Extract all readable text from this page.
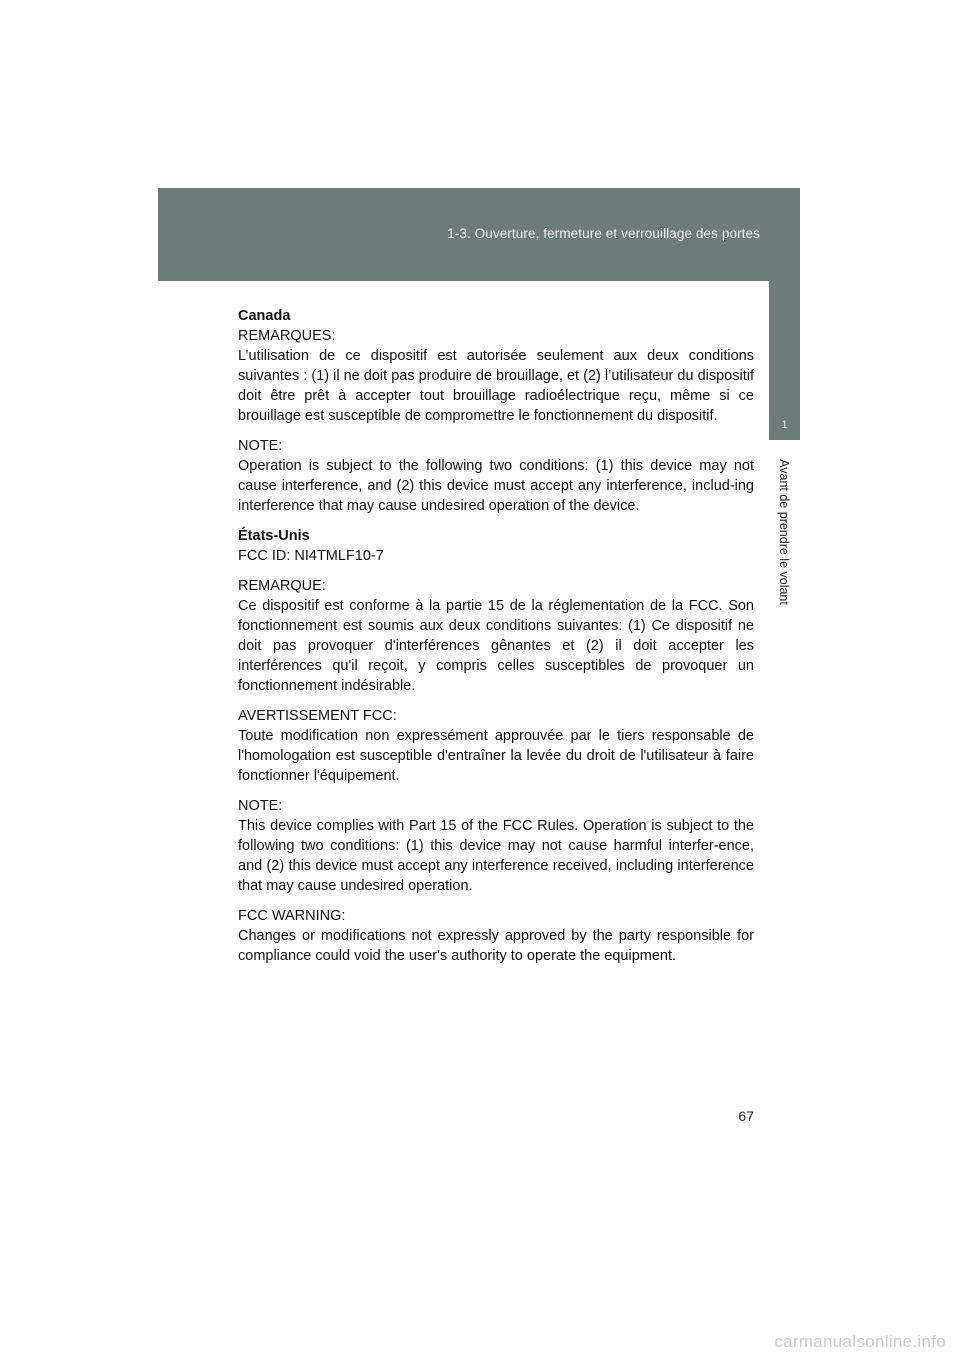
1-3. Ouverture, fermeture et verrouillage des portes
1
Avant de prendre le volant
Canada
REMARQUES:
L’utilisation de ce dispositif est autorisée seulement aux deux conditions suivantes : (1) il ne doit pas produire de brouillage, et (2) l’utilisateur du dispositif doit être prêt à accepter tout brouillage radioélectrique reçu, même si ce brouillage est susceptible de compromettre le fonctionnement du dispositif.
NOTE:
Operation is subject to the following two conditions: (1) this device may not cause interference, and (2) this device must accept any interference, includ-ing interference that may cause undesired operation of the device.
États-Unis
FCC ID: NI4TMLF10-7
REMARQUE:
Ce dispositif est conforme à la partie 15 de la réglementation de la FCC. Son fonctionnement est soumis aux deux conditions suivantes: (1) Ce dispositif ne doit pas provoquer d'interférences gênantes et (2) il doit accepter les interférences qu'il reçoit, y compris celles susceptibles de provoquer un fonctionnement indésirable.
AVERTISSEMENT FCC:
Toute modification non expressément approuvée par le tiers responsable de l'homologation est susceptible d'entraîner la levée du droit de l'utilisateur à faire fonctionner l'équipement.
NOTE:
This device complies with Part 15 of the FCC Rules. Operation is subject to the following two conditions: (1) this device may not cause harmful interfer-ence, and (2) this device must accept any interference received, including interference that may cause undesired operation.
FCC WARNING:
Changes or modifications not expressly approved by the party responsible for compliance could void the user's authority to operate the equipment.
67
carmanualsonline.info
